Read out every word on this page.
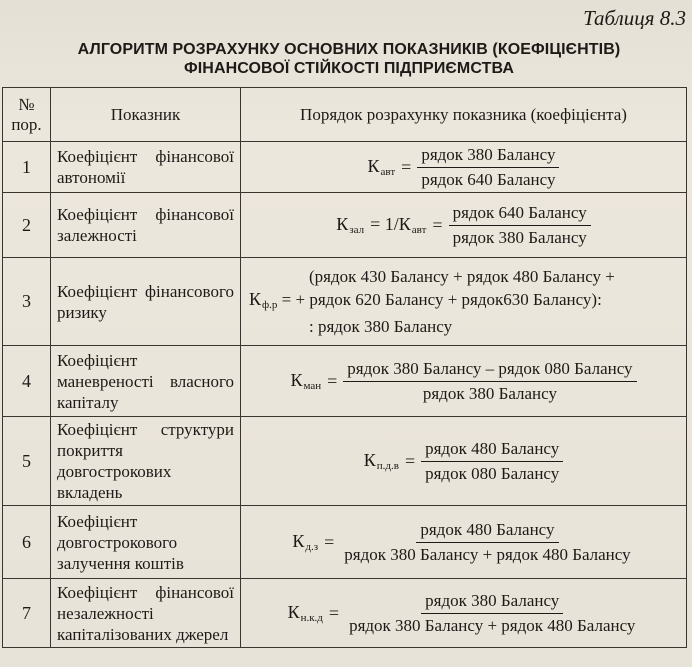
Таблиця 8.3
АЛГОРИТМ РОЗРАХУНКУ ОСНОВНИХ ПОКАЗНИКІВ (КОЕФІЦІЄНТІВ)
ФІНАНСОВОЇ СТІЙКОСТІ ПІДПРИЄМСТВА
№ пор.	Показник	Порядок розрахунку показника (коефіцієнта)
1	Коефіцієнт фінансової автономії	$К_{авт} = \frac{\text{рядок 380 Балансу}}{\text{рядок 640 Балансу}}$

2	Коефіцієнт фінансової залежності	$К_{зал} = 1/К_{авт} = \frac{\text{рядок 640 Балансу}}{\text{рядок 380 Балансу}}$

3	Коефіцієнт фінансового ризику	(рядок 430 Балансу + рядок 480 Балансу +
$К_{ф.р}$ = + рядок 620 Балансу + рядок630 Балансу):
: рядок 380 Балансу

4	Коефіцієнт маневреності власного капіталу	$К_{ман} = \frac{\text{рядок 380 Балансу – рядок 080 Балансу}}{\text{рядок 380 Балансу}}$

5	Коефіцієнт структури покриття довгострокових вкладень	$К_{п.д.в} = \frac{\text{рядок 480 Балансу}}{\text{рядок 080 Балансу}}$

6	Коефіцієнт довгострокового залучення коштів	$К_{д.з} = \frac{\text{рядок 480 Балансу}}{\text{рядок 380 Балансу + рядок 480 Балансу}}$

7	Коефіцієнт фінансової незалежності капіталізованих джерел	$К_{н.к.д} = \frac{\text{рядок 380 Балансу}}{\text{рядок 380 Балансу + рядок 480 Балансу}}$
